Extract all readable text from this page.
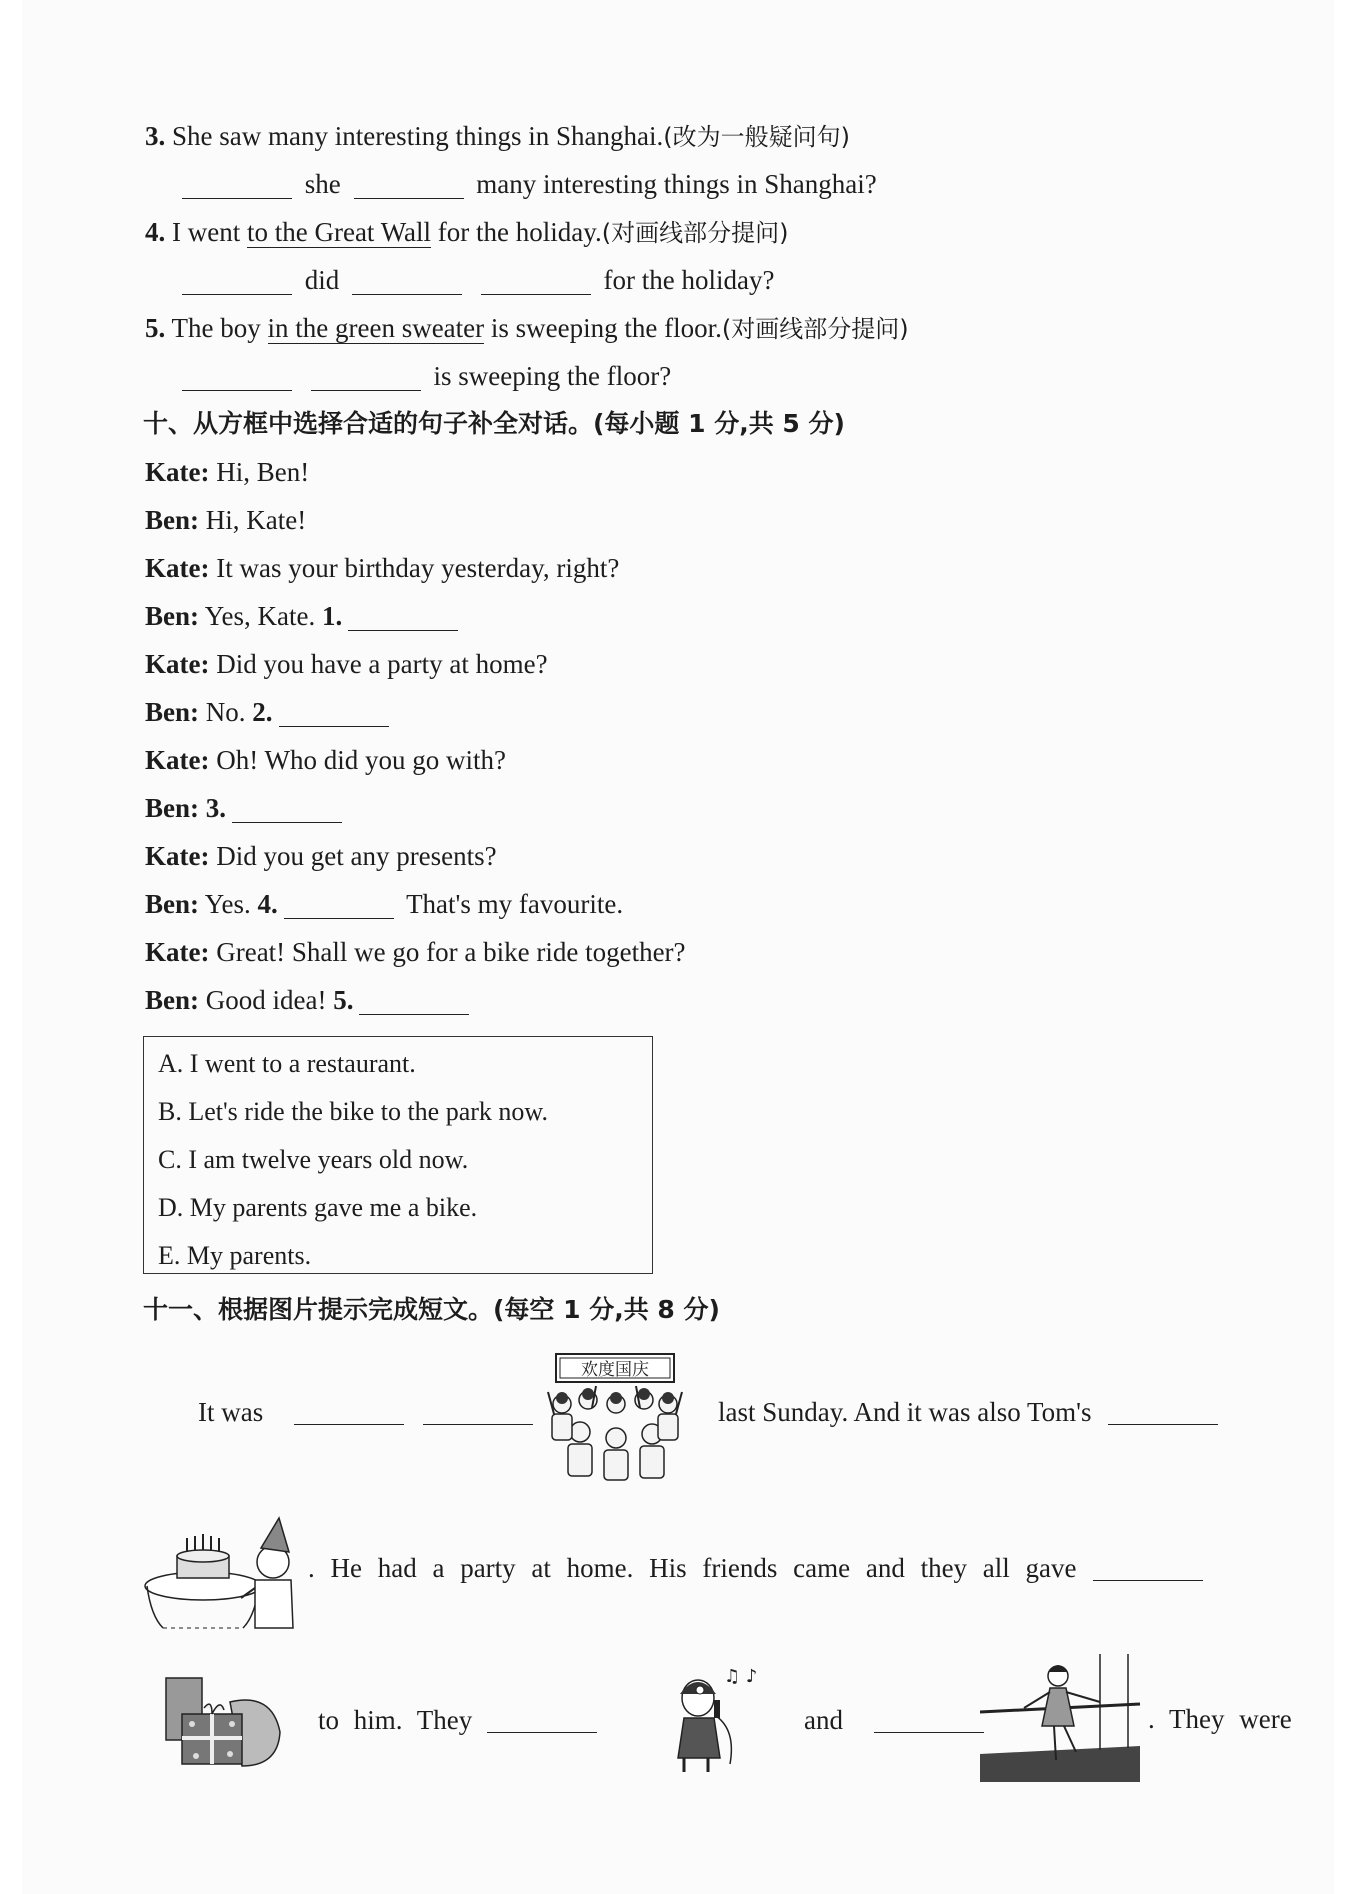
3. She saw many interesting things in Shanghai.(改为一般疑问句)
she	many interesting things in Shanghai?
4. I went to the Great Wall for the holiday.(对画线部分提问)
did	for the holiday?
5. The boy in the green sweater is sweeping the floor.(对画线部分提问)
is sweeping the floor?
十、从方框中选择合适的句子补全对话。(每小题 1 分,共 5 分)
Kate: Hi, Ben!
Ben: Hi, Kate!
Kate: It was your birthday yesterday, right?
Ben: Yes, Kate. 1.
Kate: Did you have a party at home?
Ben: No. 2.
Kate: Oh! Who did you go with?
Ben: 3.
Kate: Did you get any presents?
Ben: Yes. 4.	That's my favourite.
Kate: Great! Shall we go for a bike ride together?
Ben: Good idea! 5.
A. I went to a restaurant.
B. Let's ride the bike to the park now.
C. I am twelve years old now.
D. My parents gave me a bike.
E. My parents.
十一、根据图片提示完成短文。(每空 1 分,共 8 分)
It was
欢度国庆
last Sunday. And it was also Tom's
. He had a party at home. His friends came and they all gave
to him. They
♫ ♪
and	. They were
